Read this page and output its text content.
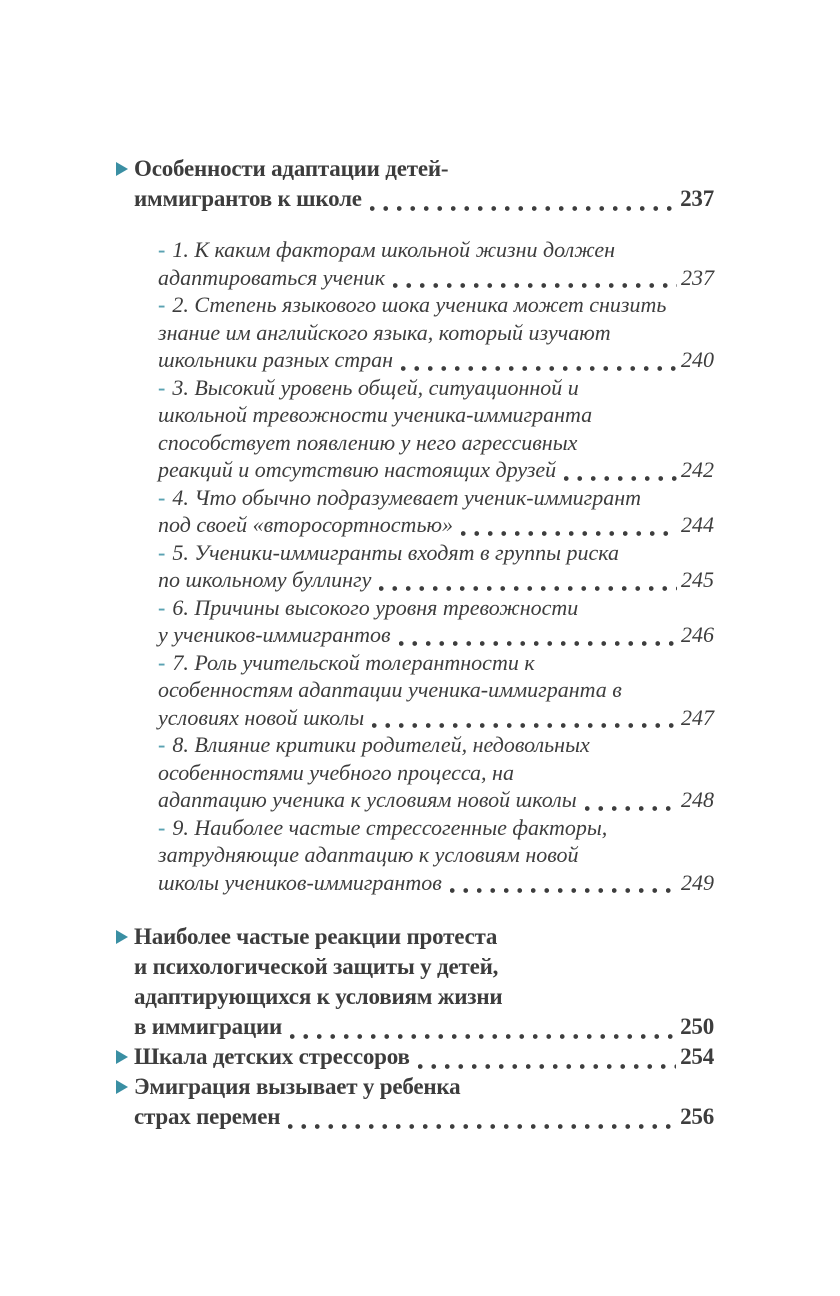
Особенности адаптации детей-
иммигрантов к школе	237
- 1. К каким факторам школьной жизни должен
адаптироваться ученик	237
- 2. Степень языкового шока ученика может снизить
знание им английского языка, который изучают
школьники разных стран	240
- 3. Высокий уровень общей, ситуационной и
школьной тревожности ученика-иммигранта
способствует появлению у него агрессивных
реакций и отсутствию настоящих друзей	242
- 4. Что обычно подразумевает ученик-иммигрант
под своей «второсортностью»	244
- 5. Ученики-иммигранты входят в группы риска
по школьному буллингу	245
- 6. Причины высокого уровня тревожности
у учеников-иммигрантов	246
- 7. Роль учительской толерантности к
особенностям адаптации ученика-иммигранта в
условиях новой школы	247
- 8. Влияние критики родителей, недовольных
особенностями учебного процесса, на
адаптацию ученика к условиям новой школы	248
- 9. Наиболее частые стрессогенные факторы,
затрудняющие адаптацию к условиям новой
школы учеников-иммигрантов	249
Наиболее частые реакции протеста
и психологической защиты у детей,
адаптирующихся к условиям жизни
в иммиграции	250
Шкала детских стрессоров	254
Эмиграция вызывает у ребенка
страх перемен	256
